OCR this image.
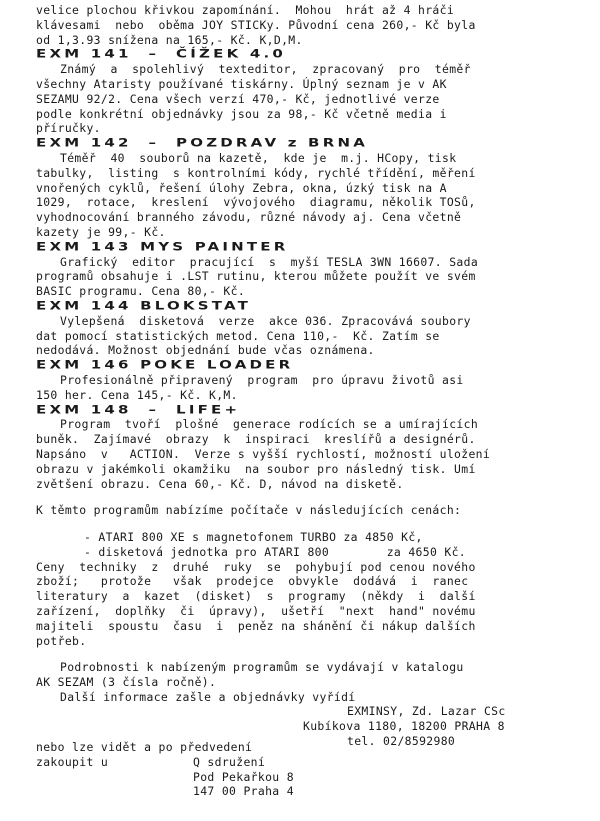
velice plochou křivkou zapomínání.  Mohou  hrát až 4 hráči
klávesami  nebo  oběma JOY STICKy. Původní cena 260,- Kč byla
od 1,3.93 snížena na 165,- Kč. K,D,M.
EXM 141  –  ČÍŽEK 4.0
Známý  a  spolehlivý  texteditor,  zpracovaný  pro  téměř
všechny Ataristy používané tiskárny. Úplný seznam je v AK
SEZAMU 92/2. Cena všech verzí 470,- Kč, jednotlivé verze
podle konkrétní objednávky jsou za 98,- Kč včetně media i
příručky.
EXM 142  –  POZDRAV z BRNA
Téměř  40  souborů na kazetě,  kde je  m.j. HCopy, tisk
tabulky,  listing  s kontrolními kódy, rychlé třídění, měření
vnořených cyklů, řešení úlohy Zebra, okna, úzký tisk na A
1029,  rotace,  kreslení  vývojového  diagramu, několik TOSů,
vyhodnocování branného závodu, různé návody aj. Cena včetně
kazety je 99,- Kč.
EXM 143 MYS PAINTER
Grafický  editor  pracující  s  myší TESLA 3WN 16607. Sada
programů obsahuje i .LST rutinu, kterou můžete použít ve svém
BASIC programu. Cena 80,- Kč.
EXM 144 BLOKSTAT
Vylepšená  disketová  verze  akce 036. Zpracovává soubory
dat pomocí statistických metod. Cena 110,-  Kč. Zatím se
nedodává. Možnost objednání bude včas oznámena.
EXM 146 POKE LOADER
Profesionálně připravený  program  pro úpravu životů asi
150 her. Cena 145,- Kč. K,M.
EXM 148  –  LIFE+
Program  tvoří  plošné  generace rodících se a umírajících
buněk.  Zajímavé  obrazy  k  inspiraci  kreslířů a designérů.
Napsáno  v   ACTION.  Verze s vyšší rychlostí, možností uložení
obrazu v jakémkoli okamžiku  na soubor pro následný tisk. Umí
zvětšení obrazu. Cena 60,- Kč. D, návod na disketě.
K těmto programům nabízíme počítače v následujících cenách:
- ATARI 800 XE s magnetofonem TURBO za 4850 Kč,
- disketová jednotka pro ATARI 800        za 4650 Kč.
Ceny  techniky  z  druhé  ruky  se  pohybují pod cenou nového
zboží;   protože   však  prodejce  obvykle  dodává  i  ranec
literatury  a  kazet  (disket)  s  programy  (někdy  i  další
zařízení,  doplňky  či  úpravy),  ušetří  "next  hand" novému
majiteli  spoustu  času  i  peněz na shánění či nákup dalších
potřeb.
Podrobnosti k nabízeným programům se vydávají v katalogu
AK SEZAM (3 čísla ročně).
Další informace zašle a objednávky vyřídí
EXMINSY, Zd. Lazar CSc
Kubíkova 1180, 18200 PRAHA 8
tel. 02/8592980
nebo lze vidět a po předvedení
zakoupit u	Q sdružení
Pod Pekařkou 8
147 00 Praha 4
